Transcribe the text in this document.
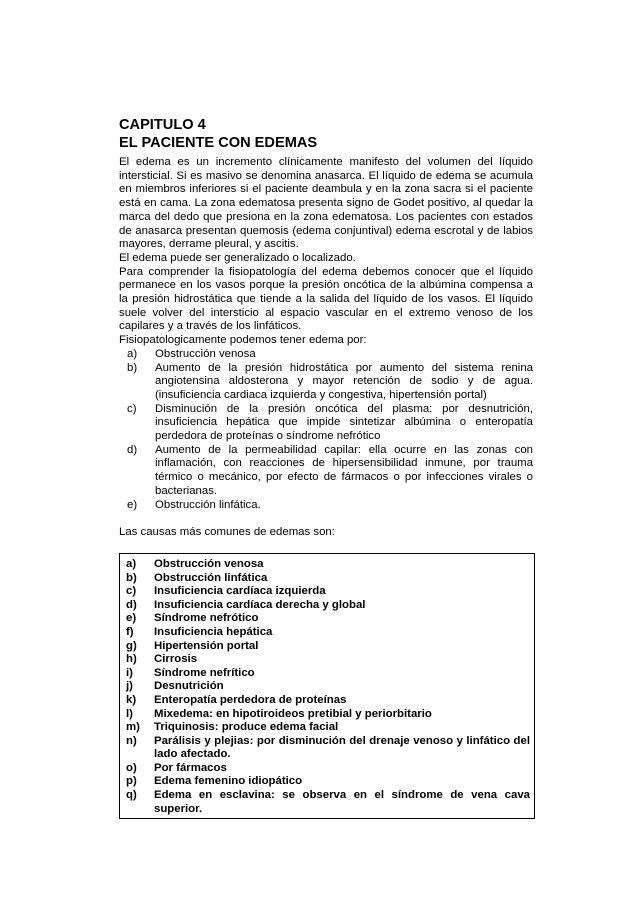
CAPITULO 4
EL PACIENTE CON EDEMAS

El edema es un incremento clínicamente manifesto del volumen del líquido intersticial. Si es masivo se denomina anasarca. El líquido de edema se acumula en miembros inferiores si el paciente deambula y en la zona sacra si el paciente está en cama. La zona edematosa presenta signo de Godet positivo, al quedar la marca del dedo que presiona en la zona edematosa. Los pacientes con estados de anasarca presentan quemosis (edema conjuntival) edema escrotal y de labios mayores, derrame pleural, y ascitis.

El edema puede ser generalizado o localizado.

Para comprender la fisiopatología del edema debemos conocer que el líquido permanece en los vasos porque la presión oncótica de la albúmina compensa a la presión hidrostática que tiende a la salida del líquido de los vasos. El líquido suele volver del intersticio al espacio vascular en el extremo venoso de los capilares y a través de los linfáticos.

Fisiopatologicamente podemos tener edema por:

a)	Obstrucción venosa
b)	Aumento de la presión hidrostática por aumento del sistema renina angiotensina aldosterona y mayor retención de sodio y de agua. (insuficiencia cardiaca izquierda y congestiva, hipertensión portal)
c)	Disminución de la presión oncótica del plasma: por desnutrición, insuficiencia hepática que impide sintetizar albúmina o enteropatía perdedora de proteínas o síndrome nefrótico
d)	Aumento de la permeabilidad capilar: ella ocurre en las zonas con inflamación, con reacciones de hipersensibilidad inmune, por trauma térmico o mecánico, por efecto de fármacos o por infecciones virales o bacterianas.
e)	Obstrucción linfática.

Las causas más comunes de edemas son:

a)	Obstrucción venosa
b)	Obstrucción linfática
c)	Insuficiencia cardíaca izquierda
d)	Insuficiencia cardíaca derecha y global
e)	Síndrome nefrótico
f)	Insuficiencia hepática
g)	Hipertensión portal
h)	Cirrosis
i)	Síndrome nefrítico
j)	Desnutrición
k)	Enteropatía perdedora de proteínas
l)	Mixedema: en hipotiroideos pretibial y periorbitario
m)	Triquinosis: produce edema facial
n)	Parálisis y plejias: por disminución del drenaje venoso y linfático del lado afectado.
o)	Por fármacos
p)	Edema femenino idiopático
q)	Edema en esclavina: se observa en el síndrome de vena cava superior.
